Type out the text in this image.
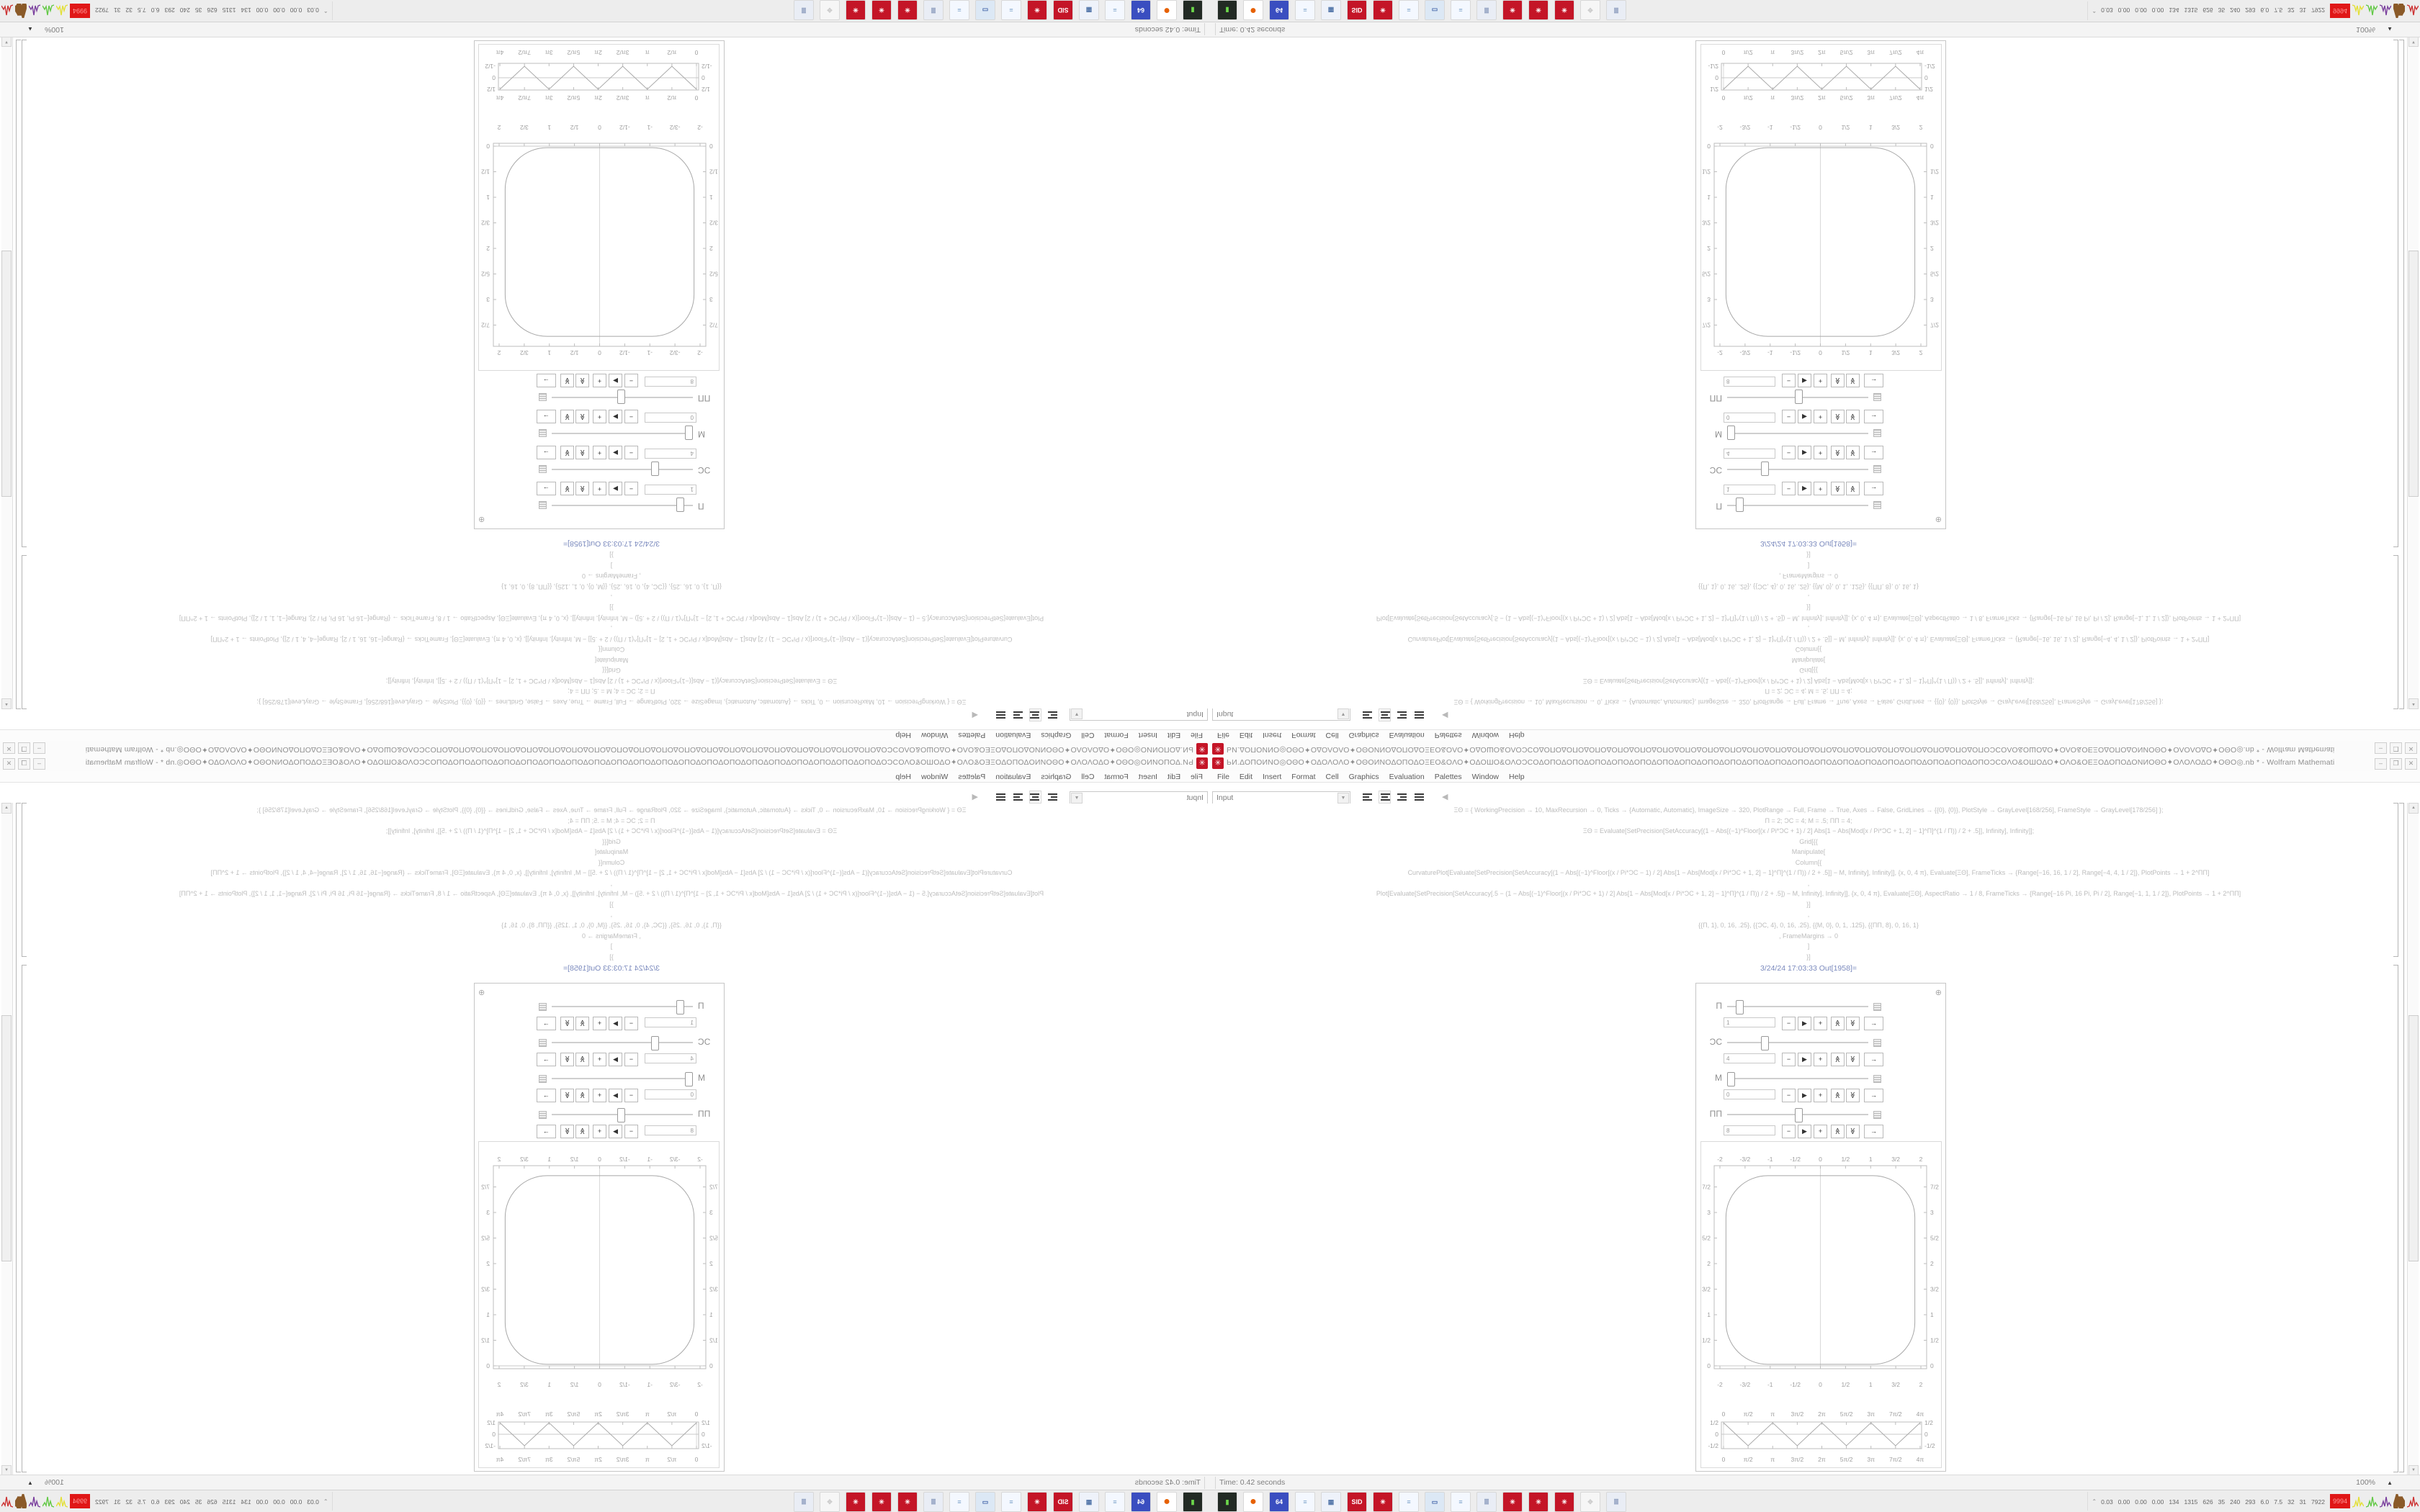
✳
ЬИ.ΔΟΠΟИΝΟ◎ΟΘΟ✦ΟΔΟΛΟΛΟ✦ΟΘΟИΝΟΔΟΠΟΔΟΞΕΟ&ΟΛΟ✦ΟΔΟШΟ&ΟΛΟϽϹΟΔΟΠΟΔΟΠΟΔΟΠΟΔΟΠΟΔΟΠΟΔΟΠΟΔΟΠΟΔΟΠΟΔΟΠΟΔΟΠΟΔΟΠΟΔΟΠΟΔΟΠΟΔΟΠΟΔΟΠΟΔΟΠΟΔΟΠΟΔΟΠΟΔΟΠΟΔΟΠΟϽϹΟΛΟ&ΟШΟΔΟ✦ΟΛΟ&ΟΕΞΟΔΟΠΟΔΟΝИΟΘΟ✦ΟΛΟΛΟΔΟ✦ΟΘΟ◎.nb * - Wolfram Mathemati
–
❐
✕
File
Edit
Insert
Format
Cell
Graphics
Evaluation
Palettes
Window
Help
Input
▼
◀
ΞΘ = { WorkingPrecision → 10, MaxRecursion → 0, Ticks → {Automatic, Automatic}, ImageSize → 320, PlotRange → Full, Frame → True, Axes → False, GridLines → {{0}, {0}}, PlotStyle → GrayLevel[168/256], FrameStyle → GrayLevel[178/256] };
Π = 2; ϽϹ = 4; M = .5; ΠΠ = 4;
ΞΘ = Evaluate[SetPrecision[SetAccuracy[(1 − Abs[(−1)^Floor[(x / Pi*ϽϹ + 1) / 2] Abs[1 − Abs[Mod[x / Pi*ϽϹ + 1, 2] − 1]^Π]^(1 / Π)) / 2 + .5]], Infinity], Infinity]];
Grid[{{
Manipulate[
Column[{
CurvaturePlot[Evaluate[SetPrecision[SetAccuracy[(1 − Abs[(−1)^Floor[(x / Pi*ϽϹ − 1) / 2] Abs[1 − Abs[Mod[x / Pi*ϽϹ + 1, 2] − 1]^Π]^(1 / Π)) / 2 + .5]] − M, Infinity], Infinity]], {x, 0, 4 π}, Evaluate[ΞΘ], FrameTicks → {Range[−16, 16, 1 / 2], Range[−4, 4, 1 / 2]}, PlotPoints → 1 + 2^ΠΠ]
,
Plot[Evaluate[SetPrecision[SetAccuracy[.5 − (1 − Abs[(−1)^Floor[(x / Pi*ϽϹ + 1) / 2] Abs[1 − Abs[Mod[x / Pi*ϽϹ + 1, 2] − 1]^Π]^(1 / Π)) / 2 + .5]) − M, Infinity], Infinity]], {x, 0, 4 π}, Evaluate[ΞΘ], AspectRatio → 1 / 8, FrameTicks → {Range[−16 Pi, 16 Pi, Pi / 2], Range[−1, 1, 1 / 2]}, PlotPoints → 1 + 2^ΠΠ]
}]
,
{{Π, 1}, 0, 16, .25}, {{ϽϹ, 4}, 0, 16, .25}, {{M, 0}, 0, 1, .125}, {{ΠΠ, 8}, 0, 16, 1}
, FrameMargins → 0
]
}]
3/24/24 17:03:33 Out[1958]=
⊕
Π
1
−
▶
+
≪
≫
→
ϽϹ
4
−
▶
+
≪
≫
→
M
0
−
▶
+
≪
≫
→
ΠΠ
8
−
▶
+
≪
≫
→
-2
-2
-3/2
-3/2
-1
-1
-1/2
-1/2
0
0
1/2
1/2
1
1
3/2
3/2
2
2
0
0
1/2
1/2
1
1
3/2
3/2
2
2
5/2
5/2
3
3
7/2
7/2
0
0
π/2
π/2
π
π
3π/2
3π/2
2π
2π
5π/2
5π/2
3π
3π
7π/2
7π/2
4π
4π
1/2
1/2
0
0
-1/2
-1/2
▲
▼
Time: 0.42 seconds
100%
▲
▮
●
64
≡
▦
SID
✳
≡
▭
≡
≣
✳
✳
✳
✥
≣
⌃
0.030.000.000.001341315626352402936.07.532317922
9994
✳ ЬИ.ΔΟΠΟИΝΟ◎ΟΘΟ✦ΟΔΟΛΟΛΟ✦ΟΘΟИΝΟΔΟΠΟΔΟΞΕΟ&ΟΛΟ✦ΟΔΟШΟ&ΟΛΟϽϹΟΔΟΠΟΔΟΠΟΔΟΠΟΔΟΠΟΔΟΠΟΔΟΠΟΔΟΠΟΔΟΠΟΔΟΠΟΔΟΠΟΔΟΠΟΔΟΠΟΔΟΠΟΔΟΠΟΔΟΠΟΔΟΠΟΔΟΠΟΔΟΠΟΔΟΠΟΔΟΠΟϽϹΟΛΟ&ΟШΟΔΟ✦ΟΛΟ&ΟΕΞΟΔΟΠΟΔΟΝИΟΘΟ✦ΟΛΟΛΟΔΟ✦ΟΘΟ◎.nb * - Wolfram Mathemati	–	❐	✕
File	Edit	Insert	Format	Cell	Graphics	Evaluation	Palettes	Window	Help
Input	▼	◀
ΞΘ = { WorkingPrecision → 10, MaxRecursion → 0, Ticks → {Automatic, Automatic}, ImageSize → 320, PlotRange → Full, Frame → True, Axes → False, GridLines → {{0}, {0}}, PlotStyle → GrayLevel[168/256], FrameStyle → GrayLevel[178/256] };
Π = 2; ϽϹ = 4; M = .5; ΠΠ = 4;
ΞΘ = Evaluate[SetPrecision[SetAccuracy[(1 − Abs[(−1)^Floor[(x / Pi*ϽϹ + 1) / 2] Abs[1 − Abs[Mod[x / Pi*ϽϹ + 1, 2] − 1]^Π]^(1 / Π)) / 2 + .5]], Infinity], Infinity]];
Grid[{{
Manipulate[
Column[{
CurvaturePlot[Evaluate[SetPrecision[SetAccuracy[(1 − Abs[(−1)^Floor[(x / Pi*ϽϹ − 1) / 2] Abs[1 − Abs[Mod[x / Pi*ϽϹ + 1, 2] − 1]^Π]^(1 / Π)) / 2 + .5]] − M, Infinity], Infinity]], {x, 0, 4 π}, Evaluate[ΞΘ], FrameTicks → {Range[−16, 16, 1 / 2], Range[−4, 4, 1 / 2]}, PlotPoints → 1 + 2^ΠΠ]
,
Plot[Evaluate[SetPrecision[SetAccuracy[.5 − (1 − Abs[(−1)^Floor[(x / Pi*ϽϹ + 1) / 2] Abs[1 − Abs[Mod[x / Pi*ϽϹ + 1, 2] − 1]^Π]^(1 / Π)) / 2 + .5]) − M, Infinity], Infinity]], {x, 0, 4 π}, Evaluate[ΞΘ], AspectRatio → 1 / 8, FrameTicks → {Range[−16 Pi, 16 Pi, Pi / 2], Range[−1, 1, 1 / 2]}, PlotPoints → 1 + 2^ΠΠ]
}]
,
{{Π, 1}, 0, 16, .25}, {{ϽϹ, 4}, 0, 16, .25}, {{M, 0}, 0, 1, .125}, {{ΠΠ, 8}, 0, 16, 1}
, FrameMargins → 0
]
}]
3/24/24 17:03:33 Out[1958]=
⊕
Π
1	−	▶	+	≪	≫	→
ϽϹ
4	−	▶	+	≪	≫	→
M
0	−	▶	+	≪	≫	→
ΠΠ
8	−	▶	+	≪	≫	→
-2
-2
-3/2
-3/2
-1
-1
-1/2
-1/2
0
0
1/2
1/2
1
1
3/2
3/2
2
2
0	0
1/2	1/2
1	1
3/2	3/2
2	2
5/2	5/2
3	3
7/2	7/2
0
0
π/2
π/2
π
π
3π/2
3π/2
2π
2π
5π/2
5π/2
3π
3π
7π/2
7π/2
4π
4π
1/2	1/2
0	0
-1/2	-1/2
▲
▼
Time: 0.42 seconds	100% ▲
▮	●	64	≡	▦	SID	✳	≡	▭	≡	≣	✳	✳	✳	✥	≣	⌃ 0.03 0.00 0.00 0.00 134 1315 626 35 240 293 6.0 7.5 32 31 7922	9994
✳
ЬИ.ΔΟΠΟИΝΟ◎ΟΘΟ✦ΟΔΟΛΟΛΟ✦ΟΘΟИΝΟΔΟΠΟΔΟΞΕΟ&ΟΛΟ✦ΟΔΟШΟ&ΟΛΟϽϹΟΔΟΠΟΔΟΠΟΔΟΠΟΔΟΠΟΔΟΠΟΔΟΠΟΔΟΠΟΔΟΠΟΔΟΠΟΔΟΠΟΔΟΠΟΔΟΠΟΔΟΠΟΔΟΠΟΔΟΠΟΔΟΠΟΔΟΠΟΔΟΠΟΔΟΠΟΔΟΠΟϽϹΟΛΟ&ΟШΟΔΟ✦ΟΛΟ&ΟΕΞΟΔΟΠΟΔΟΝИΟΘΟ✦ΟΛΟΛΟΔΟ✦ΟΘΟ◎.nb * - Wolfram Mathemati
–
❐
✕
File
Edit
Insert
Format
Cell
Graphics
Evaluation
Palettes
Window
Help
Input
▼
◀
ΞΘ = { WorkingPrecision → 10, MaxRecursion → 0, Ticks → {Automatic, Automatic}, ImageSize → 320, PlotRange → Full, Frame → True, Axes → False, GridLines → {{0}, {0}}, PlotStyle → GrayLevel[168/256], FrameStyle → GrayLevel[178/256] };
Π = 2; ϽϹ = 4; M = .5; ΠΠ = 4;
ΞΘ = Evaluate[SetPrecision[SetAccuracy[(1 − Abs[(−1)^Floor[(x / Pi*ϽϹ + 1) / 2] Abs[1 − Abs[Mod[x / Pi*ϽϹ + 1, 2] − 1]^Π]^(1 / Π)) / 2 + .5]], Infinity], Infinity]];
Grid[{{
Manipulate[
Column[{
CurvaturePlot[Evaluate[SetPrecision[SetAccuracy[(1 − Abs[(−1)^Floor[(x / Pi*ϽϹ − 1) / 2] Abs[1 − Abs[Mod[x / Pi*ϽϹ + 1, 2] − 1]^Π]^(1 / Π)) / 2 + .5]] − M, Infinity], Infinity]], {x, 0, 4 π}, Evaluate[ΞΘ], FrameTicks → {Range[−16, 16, 1 / 2], Range[−4, 4, 1 / 2]}, PlotPoints → 1 + 2^ΠΠ]
,
Plot[Evaluate[SetPrecision[SetAccuracy[.5 − (1 − Abs[(−1)^Floor[(x / Pi*ϽϹ + 1) / 2] Abs[1 − Abs[Mod[x / Pi*ϽϹ + 1, 2] − 1]^Π]^(1 / Π)) / 2 + .5]) − M, Infinity], Infinity]], {x, 0, 4 π}, Evaluate[ΞΘ], AspectRatio → 1 / 8, FrameTicks → {Range[−16 Pi, 16 Pi, Pi / 2], Range[−1, 1, 1 / 2]}, PlotPoints → 1 + 2^ΠΠ]
}]
,
{{Π, 1}, 0, 16, .25}, {{ϽϹ, 4}, 0, 16, .25}, {{M, 0}, 0, 1, .125}, {{ΠΠ, 8}, 0, 16, 1}
, FrameMargins → 0
]
}]
3/24/24 17:03:33 Out[1958]=
⊕
Π
1
−
▶
+
≪
≫
→
ϽϹ
4
−
▶
+
≪
≫
→
M
0
−
▶
+
≪
≫
→
ΠΠ
8
−
▶
+
≪
≫
→
-2
-2
-3/2
-3/2
-1
-1
-1/2
-1/2
0
0
1/2
1/2
1
1
3/2
3/2
2
2
0
0
1/2
1/2
1
1
3/2
3/2
2
2
5/2
5/2
3
3
7/2
7/2
0
0
π/2
π/2
π
π
3π/2
3π/2
2π
2π
5π/2
5π/2
3π
3π
7π/2
7π/2
4π
4π
1/2
1/2
0
0
-1/2
-1/2
▲
▼
Time: 0.42 seconds
100%
▲
▮
●
64
≡
▦
SID
✳
≡
▭
≡
≣
✳
✳
✳
✥
≣
⌃
0.030.000.000.001341315626352402936.07.532317922
9994
✳ ЬИ.ΔΟΠΟИΝΟ◎ΟΘΟ✦ΟΔΟΛΟΛΟ✦ΟΘΟИΝΟΔΟΠΟΔΟΞΕΟ&ΟΛΟ✦ΟΔΟШΟ&ΟΛΟϽϹΟΔΟΠΟΔΟΠΟΔΟΠΟΔΟΠΟΔΟΠΟΔΟΠΟΔΟΠΟΔΟΠΟΔΟΠΟΔΟΠΟΔΟΠΟΔΟΠΟΔΟΠΟΔΟΠΟΔΟΠΟΔΟΠΟΔΟΠΟΔΟΠΟΔΟΠΟΔΟΠΟϽϹΟΛΟ&ΟШΟΔΟ✦ΟΛΟ&ΟΕΞΟΔΟΠΟΔΟΝИΟΘΟ✦ΟΛΟΛΟΔΟ✦ΟΘΟ◎.nb * - Wolfram Mathemati	–	❐	✕
File	Edit	Insert	Format	Cell	Graphics	Evaluation	Palettes	Window	Help
Input	▼	◀
ΞΘ = { WorkingPrecision → 10, MaxRecursion → 0, Ticks → {Automatic, Automatic}, ImageSize → 320, PlotRange → Full, Frame → True, Axes → False, GridLines → {{0}, {0}}, PlotStyle → GrayLevel[168/256], FrameStyle → GrayLevel[178/256] };
Π = 2; ϽϹ = 4; M = .5; ΠΠ = 4;
ΞΘ = Evaluate[SetPrecision[SetAccuracy[(1 − Abs[(−1)^Floor[(x / Pi*ϽϹ + 1) / 2] Abs[1 − Abs[Mod[x / Pi*ϽϹ + 1, 2] − 1]^Π]^(1 / Π)) / 2 + .5]], Infinity], Infinity]];
Grid[{{
Manipulate[
Column[{
CurvaturePlot[Evaluate[SetPrecision[SetAccuracy[(1 − Abs[(−1)^Floor[(x / Pi*ϽϹ − 1) / 2] Abs[1 − Abs[Mod[x / Pi*ϽϹ + 1, 2] − 1]^Π]^(1 / Π)) / 2 + .5]] − M, Infinity], Infinity]], {x, 0, 4 π}, Evaluate[ΞΘ], FrameTicks → {Range[−16, 16, 1 / 2], Range[−4, 4, 1 / 2]}, PlotPoints → 1 + 2^ΠΠ]
,
Plot[Evaluate[SetPrecision[SetAccuracy[.5 − (1 − Abs[(−1)^Floor[(x / Pi*ϽϹ + 1) / 2] Abs[1 − Abs[Mod[x / Pi*ϽϹ + 1, 2] − 1]^Π]^(1 / Π)) / 2 + .5]) − M, Infinity], Infinity]], {x, 0, 4 π}, Evaluate[ΞΘ], AspectRatio → 1 / 8, FrameTicks → {Range[−16 Pi, 16 Pi, Pi / 2], Range[−1, 1, 1 / 2]}, PlotPoints → 1 + 2^ΠΠ]
}]
,
{{Π, 1}, 0, 16, .25}, {{ϽϹ, 4}, 0, 16, .25}, {{M, 0}, 0, 1, .125}, {{ΠΠ, 8}, 0, 16, 1}
, FrameMargins → 0
]
}]
3/24/24 17:03:33 Out[1958]=
⊕
Π
1	−	▶	+	≪	≫	→
ϽϹ
4	−	▶	+	≪	≫	→
M
0	−	▶	+	≪	≫	→
ΠΠ
8	−	▶	+	≪	≫	→
-2
-2
-3/2
-3/2
-1
-1
-1/2
-1/2
0
0
1/2
1/2
1
1
3/2
3/2
2
2
0	0
1/2	1/2
1	1
3/2	3/2
2	2
5/2	5/2
3	3
7/2	7/2
0
0
π/2
π/2
π
π
3π/2
3π/2
2π
2π
5π/2
5π/2
3π
3π
7π/2
7π/2
4π
4π
1/2	1/2
0	0
-1/2	-1/2
▲
▼
Time: 0.42 seconds	100% ▲
▮	●	64	≡	▦	SID	✳	≡	▭	≡	≣	✳	✳	✳	✥	≣	⌃ 0.03 0.00 0.00 0.00 134 1315 626 35 240 293 6.0 7.5 32 31 7922	9994
